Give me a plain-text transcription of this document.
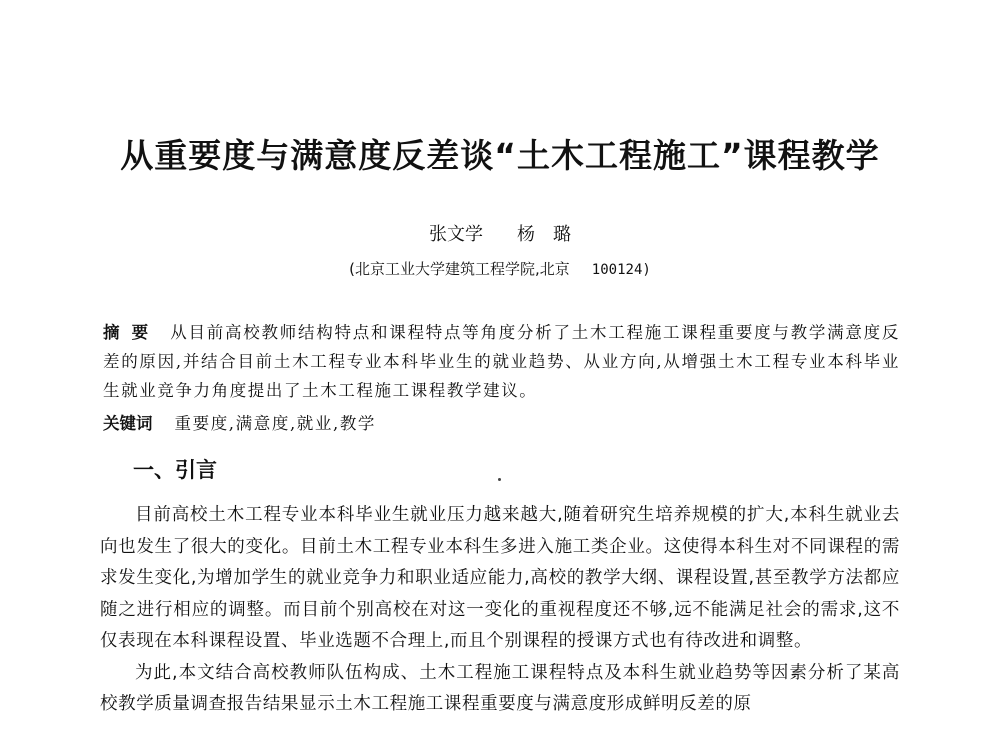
从重要度与满意度反差谈“土木工程施工”课程教学
张文学 杨　璐
(北京工业大学建筑工程学院,北京 100124)
摘要 从目前高校教师结构特点和课程特点等角度分析了土木工程施工课程重要度与教学满意度反差的原因,并结合目前土木工程专业本科毕业生的就业趋势、从业方向,从增强土木工程专业本科毕业生就业竞争力角度提出了土木工程施工课程教学建议。
关键词 重要度,满意度,就业,教学
一、引言

目前高校土木工程专业本科毕业生就业压力越来越大,随着研究生培养规模的扩大,本科生就业去向也发生了很大的变化。目前土木工程专业本科生多进入施工类企业。这使得本科生对不同课程的需求发生变化,为增加学生的就业竞争力和职业适应能力,高校的教学大纲、课程设置,甚至教学方法都应随之进行相应的调整。而目前个别高校在对这一变化的重视程度还不够,远不能满足社会的需求,这不仅表现在本科课程设置、毕业选题不合理上,而且个别课程的授课方式也有待改进和调整。

为此,本文结合高校教师队伍构成、土木工程施工课程特点及本科生就业趋势等因素分析了某高校教学质量调查报告结果显示土木工程施工课程重要度与满意度形成鲜明反差的原
